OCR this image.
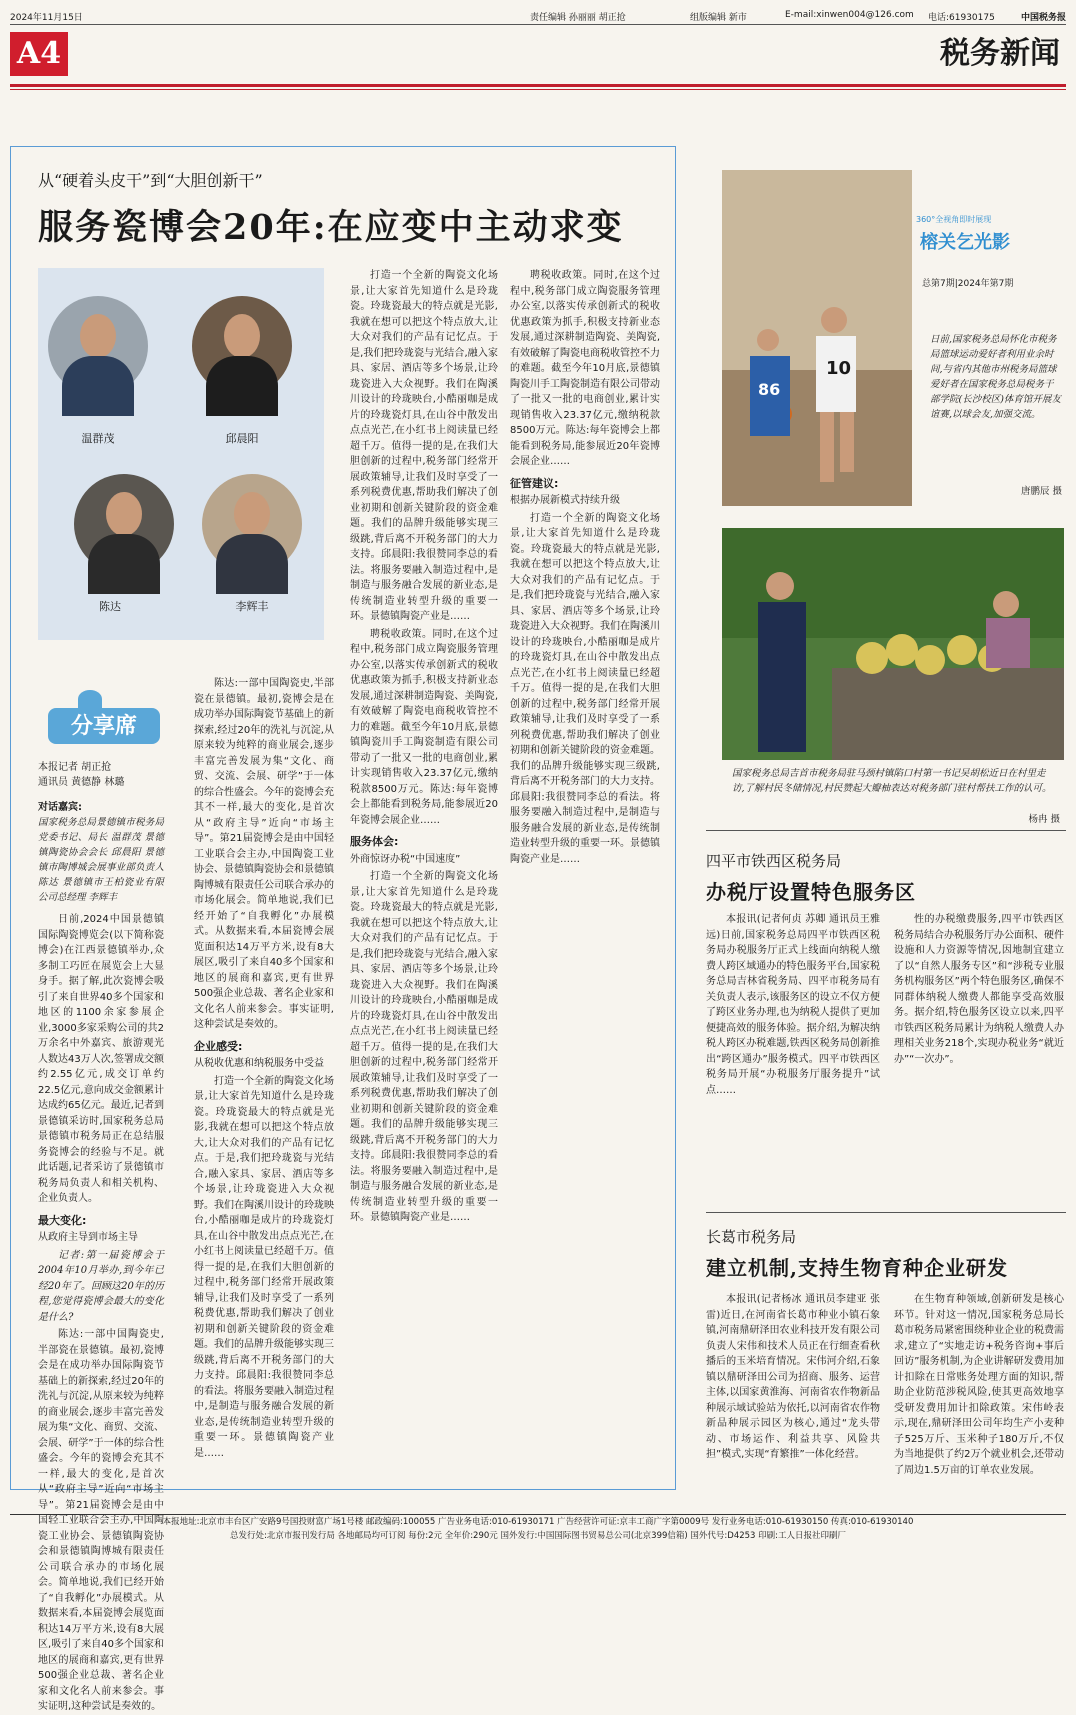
2024年11月15日	责任编辑 孙丽丽 胡正抢	组版编辑 新市	E-mail:xinwen004@126.com 电话:61930175	中国税务报
A4	税务新闻
从“硬着头皮干”到“大胆创新干”
服务瓷博会20年:在应变中主动求变
温群茂	邱晨阳
陈达	李辉丰
分享席
本报记者 胡正抢
通讯员 黄德静 林璐
对话嘉宾:
国家税务总局景德镇市税务局党委书记、局长 温群茂 景德镇陶瓷协会会长 邱晨阳 景德镇市陶博城会展事业部负责人 陈达 景德镇市王柏瓷业有限公司总经理 李辉丰

日前,2024中国景德镇国际陶瓷博览会(以下简称瓷博会)在江西景德镇举办,众多制工巧匠在展览会上大显身手。据了解,此次瓷博会吸引了来自世界40多个国家和地区的1100余家参展企业,3000多家采购公司的共2万余名中外嘉宾、旅游观光人数达43万人次,签署成交额约2.55亿元,成交订单约22.5亿元,意向成交金额累计达成约65亿元。最近,记者到景德镇采访时,国家税务总局景德镇市税务局正在总结服务瓷博会的经验与不足。就此话题,记者采访了景德镇市税务局负责人和相关机构、企业负责人。

最大变化:

从政府主导到市场主导

记者:第一届瓷博会于2004年10月举办,到今年已经20年了。回顾这20年的历程,您觉得瓷博会最大的变化是什么?

陈达:一部中国陶瓷史,半部瓷在景德镇。最初,瓷博会是在成功举办国际陶瓷节基础上的新探索,经过20年的洗礼与沉淀,从原来较为纯粹的商业展会,逐步丰富完善发展为集“文化、商贸、交流、会展、研学”于一体的综合性盛会。今年的瓷博会充其不一样,最大的变化,是首次从“政府主导”近向“市场主导”。第21届瓷博会是由中国轻工业联合会主办,中国陶瓷工业协会、景德镇陶瓷协会和景德镇陶博城有限责任公司联合承办的市场化展会。简单地说,我们已经开始了“自我孵化”办展模式。从数据来看,本届瓷博会展览面积达14万平方米,设有8大展区,吸引了来自40多个国家和地区的展商和嘉宾,更有世界500强企业总裁、著名企业家和文化名人前来参会。事实证明,这种尝试是奏效的。

陈达:一部中国陶瓷史,半部瓷在景德镇。最初,瓷博会是在成功举办国际陶瓷节基础上的新探索,经过20年的洗礼与沉淀,从原来较为纯粹的商业展会,逐步丰富完善发展为集“文化、商贸、交流、会展、研学”于一体的综合性盛会。今年的瓷博会充其不一样,最大的变化,是首次从“政府主导”近向“市场主导”。第21届瓷博会是由中国轻工业联合会主办,中国陶瓷工业协会、景德镇陶瓷协会和景德镇陶博城有限责任公司联合承办的市场化展会。简单地说,我们已经开始了“自我孵化”办展模式。从数据来看,本届瓷博会展览面积达14万平方米,设有8大展区,吸引了来自40多个国家和地区的展商和嘉宾,更有世界500强企业总裁、著名企业家和文化名人前来参会。事实证明,这种尝试是奏效的。

企业感受:

从税收优惠和纳税服务中受益

打造一个全新的陶瓷文化场景,让大家首先知道什么是玲珑瓷。玲珑瓷最大的特点就是光影,我就在想可以把这个特点放大,让大众对我们的产品有记忆点。于是,我们把玲珑瓷与光结合,融入家具、家居、酒店等多个场景,让玲珑瓷进入大众视野。我们在陶溪川设计的玲珑映台,小酷丽咖是成片的玲珑瓷灯具,在山谷中散发出点点光芒,在小红书上阅读量已经超千万。值得一提的是,在我们大胆创新的过程中,税务部门经常开展政策辅导,让我们及时享受了一系列税费优惠,帮助我们解决了创业初期和创新关键阶段的资金难题。我们的品牌升级能够实现三级跳,背后离不开税务部门的大力支持。邱晨阳:我很赞同李总的看法。将服务要融入制造过程中,是制造与服务融合发展的新业态,是传统制造业转型升级的重要一环。景德镇陶瓷产业是……

打造一个全新的陶瓷文化场景,让大家首先知道什么是玲珑瓷。玲珑瓷最大的特点就是光影,我就在想可以把这个特点放大,让大众对我们的产品有记忆点。于是,我们把玲珑瓷与光结合,融入家具、家居、酒店等多个场景,让玲珑瓷进入大众视野。我们在陶溪川设计的玲珑映台,小酷丽咖是成片的玲珑瓷灯具,在山谷中散发出点点光芒,在小红书上阅读量已经超千万。值得一提的是,在我们大胆创新的过程中,税务部门经常开展政策辅导,让我们及时享受了一系列税费优惠,帮助我们解决了创业初期和创新关键阶段的资金难题。我们的品牌升级能够实现三级跳,背后离不开税务部门的大力支持。邱晨阳:我很赞同李总的看法。将服务要融入制造过程中,是制造与服务融合发展的新业态,是传统制造业转型升级的重要一环。景德镇陶瓷产业是……

聘税收政策。同时,在这个过程中,税务部门成立陶瓷服务管理办公室,以落实传承创新式的税收优惠政策为抓手,积极支持新业态发展,通过深耕制造陶瓷、美陶瓷,有效破解了陶瓷电商税收管控不力的难题。截至今年10月底,景德镇陶瓷川手工陶瓷制造有限公司带动了一批又一批的电商创业,累计实现销售收入23.37亿元,缴纳税款8500万元。陈达:每年瓷博会上都能看到税务局,能参展近20年瓷博会展企业……

服务体会:

外商惊讶办税“中国速度”

打造一个全新的陶瓷文化场景,让大家首先知道什么是玲珑瓷。玲珑瓷最大的特点就是光影,我就在想可以把这个特点放大,让大众对我们的产品有记忆点。于是,我们把玲珑瓷与光结合,融入家具、家居、酒店等多个场景,让玲珑瓷进入大众视野。我们在陶溪川设计的玲珑映台,小酷丽咖是成片的玲珑瓷灯具,在山谷中散发出点点光芒,在小红书上阅读量已经超千万。值得一提的是,在我们大胆创新的过程中,税务部门经常开展政策辅导,让我们及时享受了一系列税费优惠,帮助我们解决了创业初期和创新关键阶段的资金难题。我们的品牌升级能够实现三级跳,背后离不开税务部门的大力支持。邱晨阳:我很赞同李总的看法。将服务要融入制造过程中,是制造与服务融合发展的新业态,是传统制造业转型升级的重要一环。景德镇陶瓷产业是……

聘税收政策。同时,在这个过程中,税务部门成立陶瓷服务管理办公室,以落实传承创新式的税收优惠政策为抓手,积极支持新业态发展,通过深耕制造陶瓷、美陶瓷,有效破解了陶瓷电商税收管控不力的难题。截至今年10月底,景德镇陶瓷川手工陶瓷制造有限公司带动了一批又一批的电商创业,累计实现销售收入23.37亿元,缴纳税款8500万元。陈达:每年瓷博会上都能看到税务局,能参展近20年瓷博会展企业……

征管建议:

根据办展新模式持续升级

打造一个全新的陶瓷文化场景,让大家首先知道什么是玲珑瓷。玲珑瓷最大的特点就是光影,我就在想可以把这个特点放大,让大众对我们的产品有记忆点。于是,我们把玲珑瓷与光结合,融入家具、家居、酒店等多个场景,让玲珑瓷进入大众视野。我们在陶溪川设计的玲珑映台,小酷丽咖是成片的玲珑瓷灯具,在山谷中散发出点点光芒,在小红书上阅读量已经超千万。值得一提的是,在我们大胆创新的过程中,税务部门经常开展政策辅导,让我们及时享受了一系列税费优惠,帮助我们解决了创业初期和创新关键阶段的资金难题。我们的品牌升级能够实现三级跳,背后离不开税务部门的大力支持。邱晨阳:我很赞同李总的看法。将服务要融入制造过程中,是制造与服务融合发展的新业态,是传统制造业转型升级的重要一环。景德镇陶瓷产业是……

10
86
360°全视角即时展现
榕关乞光影
总第7期|2024年第7期
日前,国家税务总局怀化市税务局篮球运动爱好者利用业余时间,与省内其他市州税务局篮球爱好者在国家税务总局税务干部学院(长沙校区)体育馆开展友谊赛,以球会友,加强交流。
唐鹏辰 摄
国家税务总局吉首市税务局驻马颈村镇陷口村第一书记吴胡松近日在村里走访,了解村民冬储情况,村民赞起大瓣柚表达对税务部门驻村帮扶工作的认可。
杨冉 摄
四平市铁西区税务局
办税厅设置特色服务区

本报讯(记者何贞 苏卿 通讯员王雅远)日前,国家税务总局四平市铁西区税务局办税服务厅正式上线面向纳税人缴费人跨区域通办的特色服务平台,国家税务总局吉林省税务局、四平市税务局有关负责人表示,该服务区的设立不仅方便了跨区业务办理,也为纳税人提供了更加便捷高效的服务体验。据介绍,为解决纳税人跨区办税难题,铁西区税务局创新推出“跨区通办”服务模式。四平市铁西区税务局开展“办税服务厅服务提升”试点……

性的办税缴费服务,四平市铁西区税务局结合办税服务厅办公面积、硬件设施和人力资源等情况,因地制宜建立了以“自然人服务专区”和“涉税专业服务机构服务区”两个特色服务区,确保不同群体纳税人缴费人都能享受高效服务。据介绍,特色服务区设立以来,四平市铁西区税务局累计为纳税人缴费人办理相关业务218个,实现办税业务“就近办”“一次办”。

长葛市税务局
建立机制,支持生物育种企业研发

本报讯(记者杨冰 通讯员李建亚 张雷)近日,在河南省长葛市种业小镇石象镇,河南鼎研泽田农业科技开发有限公司负责人宋伟和技术人员正在行细查看秋播后的玉米培育情况。宋伟河介绍,石象镇以鼎研泽田公司为招商、服务、运营主体,以国家黄淮海、河南省农作物新品种展示域试验站为依托,以河南省农作物新品种展示园区为核心,通过“龙头带动、市场运作、利益共享、风险共担”模式,实现“育繁推”一体化经营。

在生物育种领域,创新研发是核心环节。针对这一情况,国家税务总局长葛市税务局紧密围绕种业企业的税费需求,建立了“实地走访+税务咨询+事后回访”服务机制,为企业讲解研发费用加计扣除在日常账务处理方面的知识,帮助企业防范涉税风险,使其更高效地享受研发费用加计扣除政策。宋伟岭表示,现在,鼎研泽田公司年均生产小麦种子525万斤、玉米种子180万斤,不仅为当地提供了约2万个就业机会,还带动了周边1.5万亩的订单农业发展。

本报地址:北京市丰台区广安路9号国投财富广场1号楼 邮政编码:100055 广告业务电话:010-61930171 广告经营许可证:京丰工商广字第0009号 发行业务电话:010-61930150 传真:010-61930140
总发行处:北京市报刊发行局 各地邮局均可订阅 每份:2元 全年价:290元 国外发行:中国国际图书贸易总公司(北京399信箱) 国外代号:D4253 印刷:工人日报社印刷厂
